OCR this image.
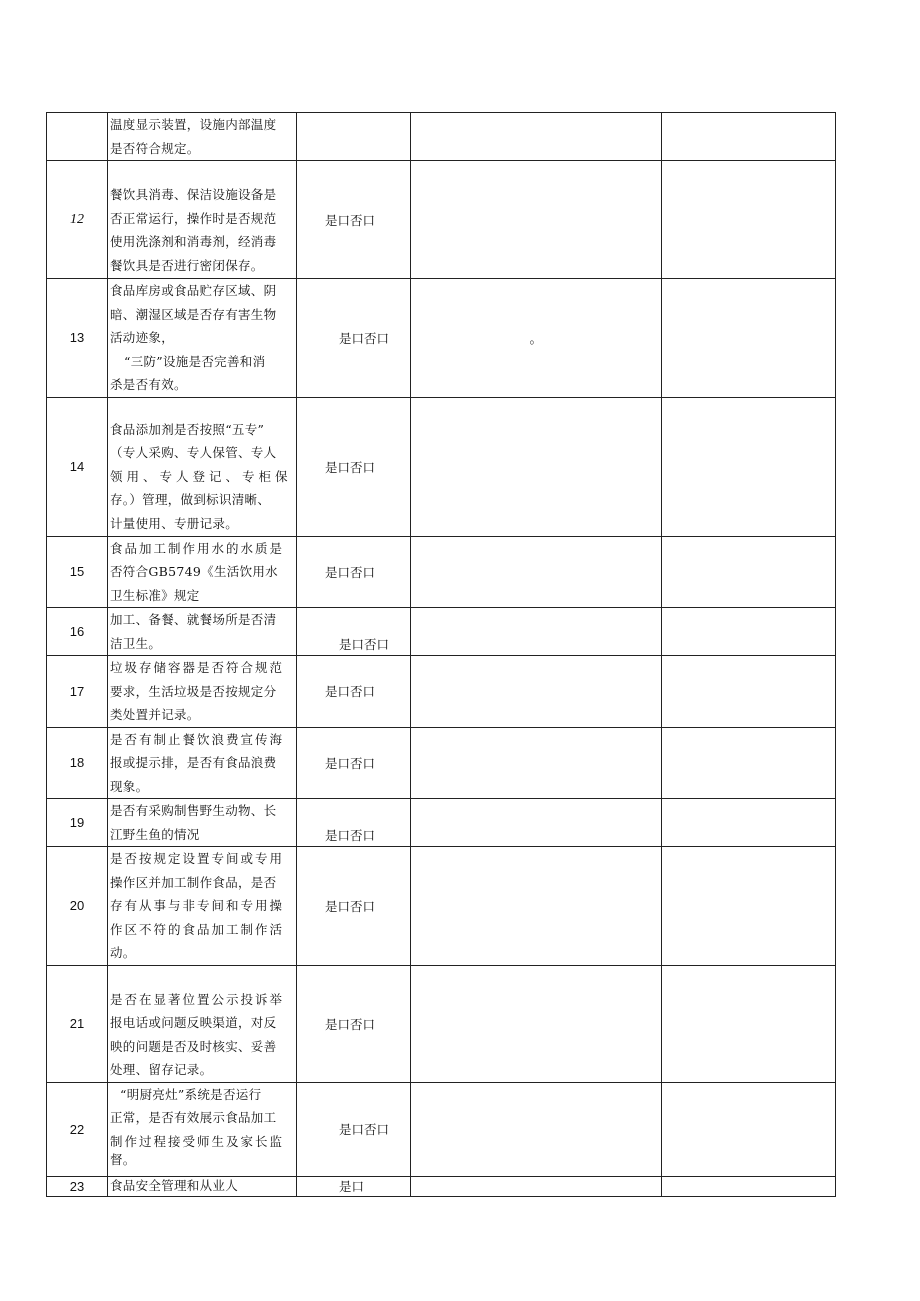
	温度显示装置，设施内部温度
是否符合规定。			

12	餐饮具消毒、保洁设施设备是
否正常运行，操作时是否规范
使用洗涤剂和消毒剂，经消毒
餐饮具是否进行密闭保存。	是口否口		

13	食品库房或食品贮存区域、阴
暗、潮湿区域是否存有害生物
活动迹象，
“三防”设施是否完善和消
杀是否有效。	是口否口	。	
14	食品添加剂是否按照“五专”
（专人采购、专人保管、专人
领用、专人登记、专柜保
存。）管理，做到标识清晰、
计量使用、专册记录。	是口否口		

15	食品加工制作用水的水质是
否符合GB5749《生活饮用水
卫生标准》规定	是口否口		

16	加工、备餐、就餐场所是否清
洁卫生。	是口否口		

17	垃圾存储容器是否符合规范
要求，生活垃圾是否按规定分
类处置并记录。	是口否口		

18	是否有制止餐饮浪费宣传海
报或提示排，是否有食品浪费
现象。	是口否口		

19	是否有采购制售野生动物、长
江野生鱼的情况	是口否口		

20	是否按规定设置专间或专用
操作区并加工制作食品，是否
存有从事与非专间和专用操
作区不符的食品加工制作活
动。	是口否口		

21	是否在显著位置公示投诉举
报电话或问题反映渠道，对反
映的问题是否及时核实、妥善
处理、留存记录。	是口否口		

22	“明厨亮灶”系统是否运行
正常，是否有效展示食品加工
制作过程接受师生及家长监
督。	是口否口		

23	食品安全管理和从业人	是口		
